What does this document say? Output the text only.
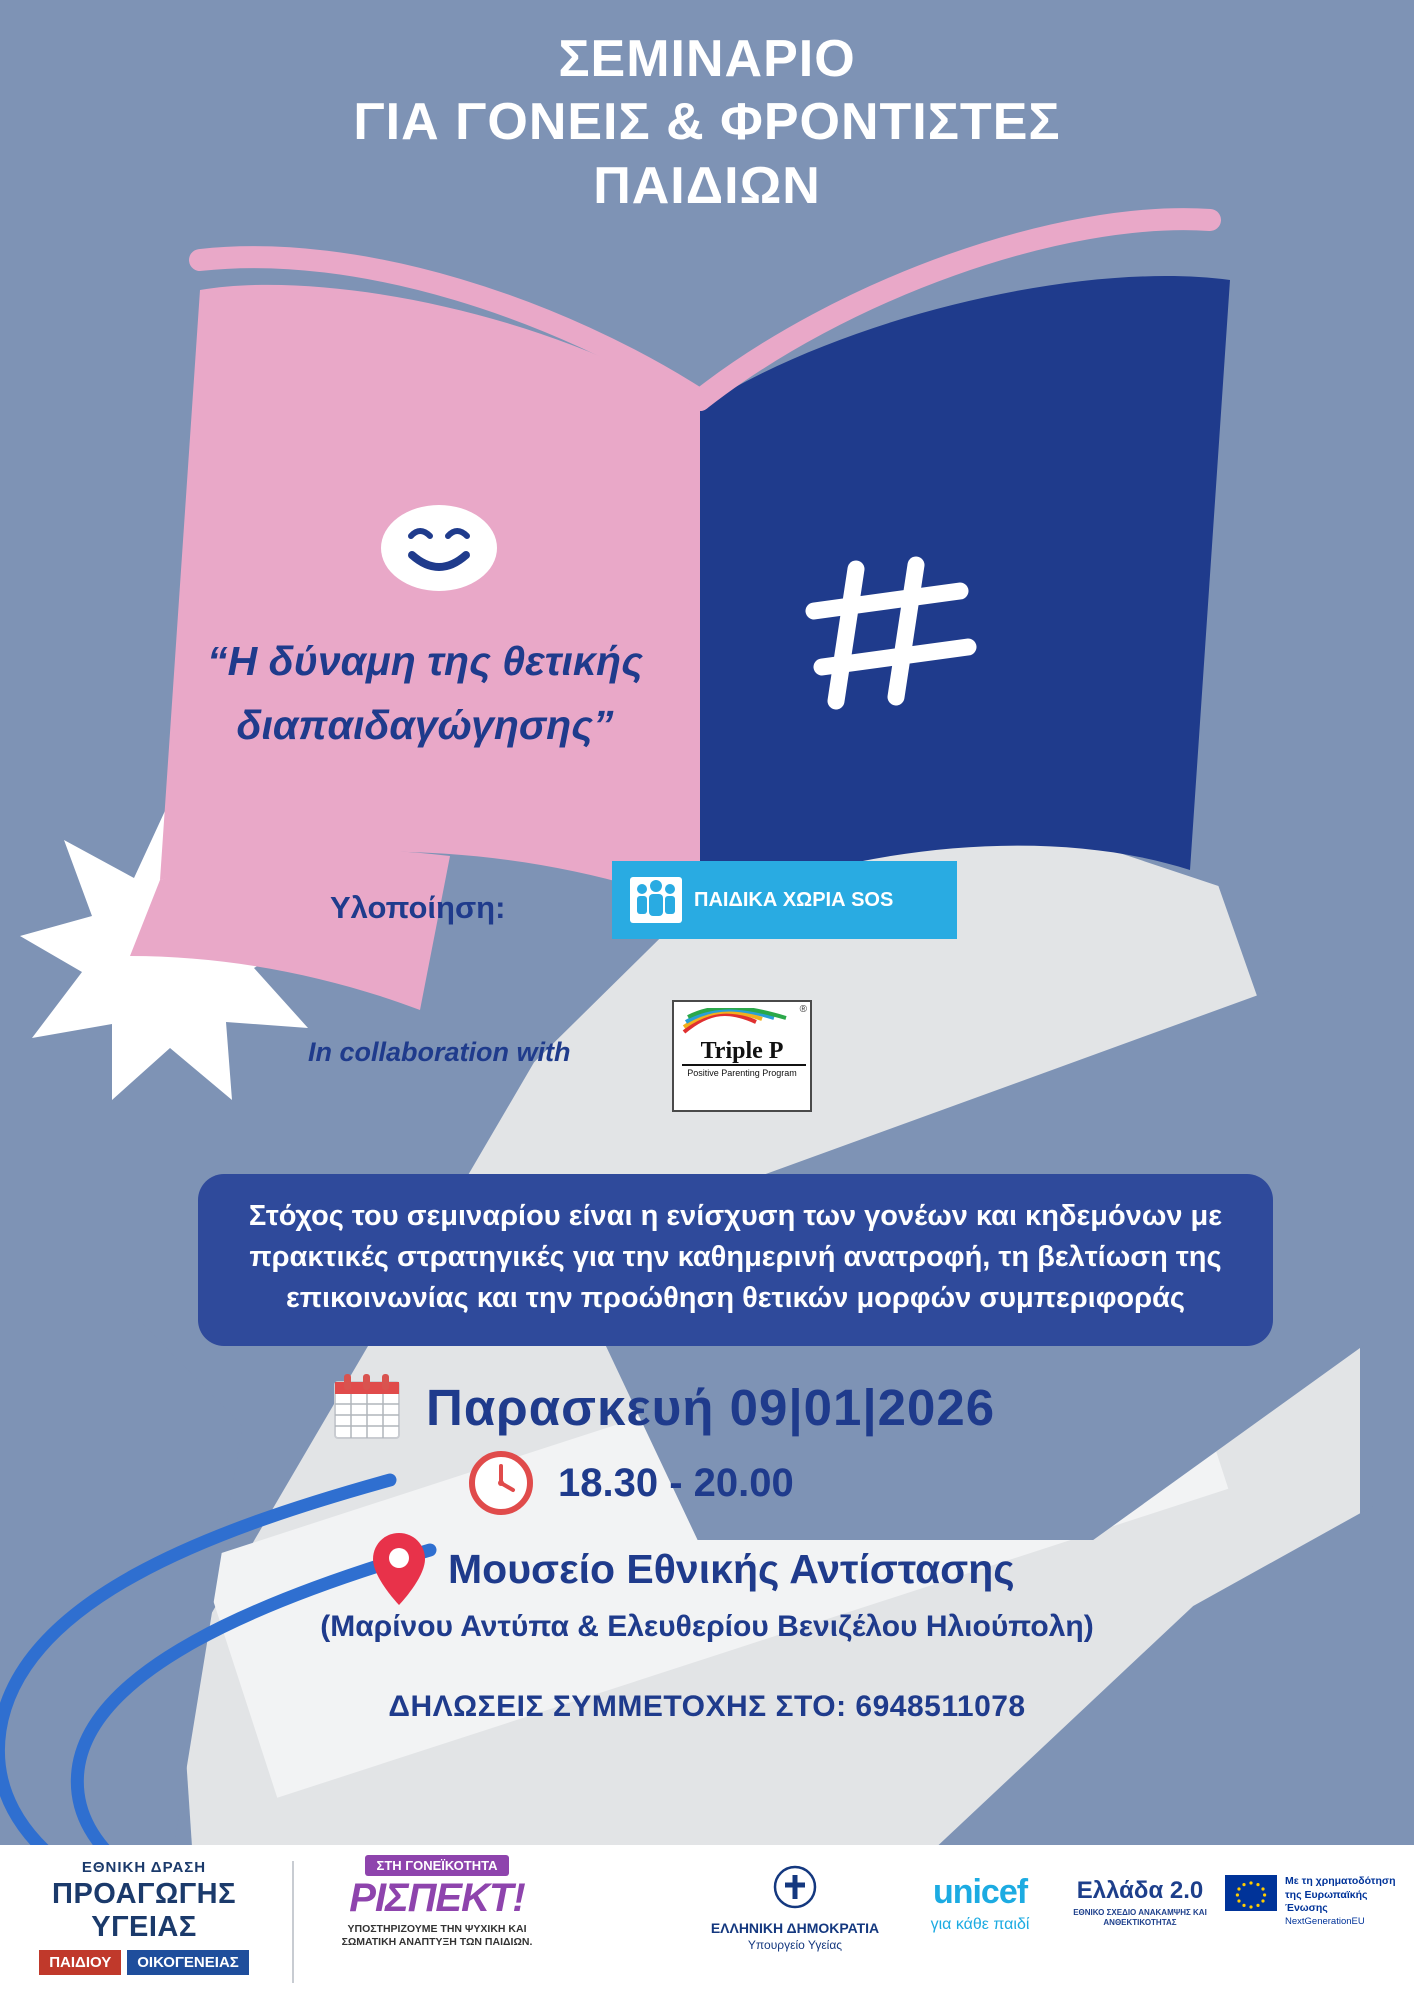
ΣΕΜΙΝΑΡΙΟ
ΓΙΑ ΓΟΝΕΙΣ & ΦΡΟΝΤΙΣΤΕΣ
ΠΑΙΔΙΩΝ
“Η δύναμη της θετικής διαπαιδαγώγησης”
Υλοποίηση:	ΠΑΙΔΙΚΑ ΧΩΡΙΑ SOS
In collaboration with
®
Triple P
Positive Parenting Program
Στόχος του σεμιναρίου είναι η ενίσχυση των γονέων και κηδεμόνων με πρακτικές στρατηγικές για την καθημερινή ανατροφή, τη βελτίωση της επικοινωνίας και την προώθηση θετικών μορφών συμπεριφοράς
Παρασκευή 09|01|2026
18.30 - 20.00
Μουσείο Εθνικής Αντίστασης
(Μαρίνου Αντύπα & Ελευθερίου Βενιζέλου Ηλιούπολη)
ΔΗΛΩΣΕΙΣ ΣΥΜΜΕΤΟΧΗΣ ΣΤΟ: 6948511078
ΕΘΝΙΚΗ ΔΡΑΣΗ
ΠΡΟΑΓΩΓΗΣ ΥΓΕΙΑΣ
ΠΑΙΔΙΟΥ	ΟΙΚΟΓΕΝΕΙΑΣ
ΣΤΗ ΓΟΝΕΪΚΟΤΗΤΑ
ΡΙΣΠΕΚΤ!
ΥΠΟΣΤΗΡΙΖΟΥΜΕ ΤΗΝ ΨΥΧΙΚΗ ΚΑΙ ΣΩΜΑΤΙΚΗ ΑΝΑΠΤΥΞΗ ΤΩΝ ΠΑΙΔΙΩΝ.
ΕΛΛΗΝΙΚΗ ΔΗΜΟΚΡΑΤΙΑ
Υπουργείο Υγείας
unicef
για κάθε παιδί
Ελλάδα 2.0
ΕΘΝΙΚΟ ΣΧΕΔΙΟ ΑΝΑΚΑΜΨΗΣ ΚΑΙ ΑΝΘΕΚΤΙΚΟΤΗΤΑΣ
Με τη χρηματοδότηση
της Ευρωπαϊκής Ένωσης
NextGenerationEU
